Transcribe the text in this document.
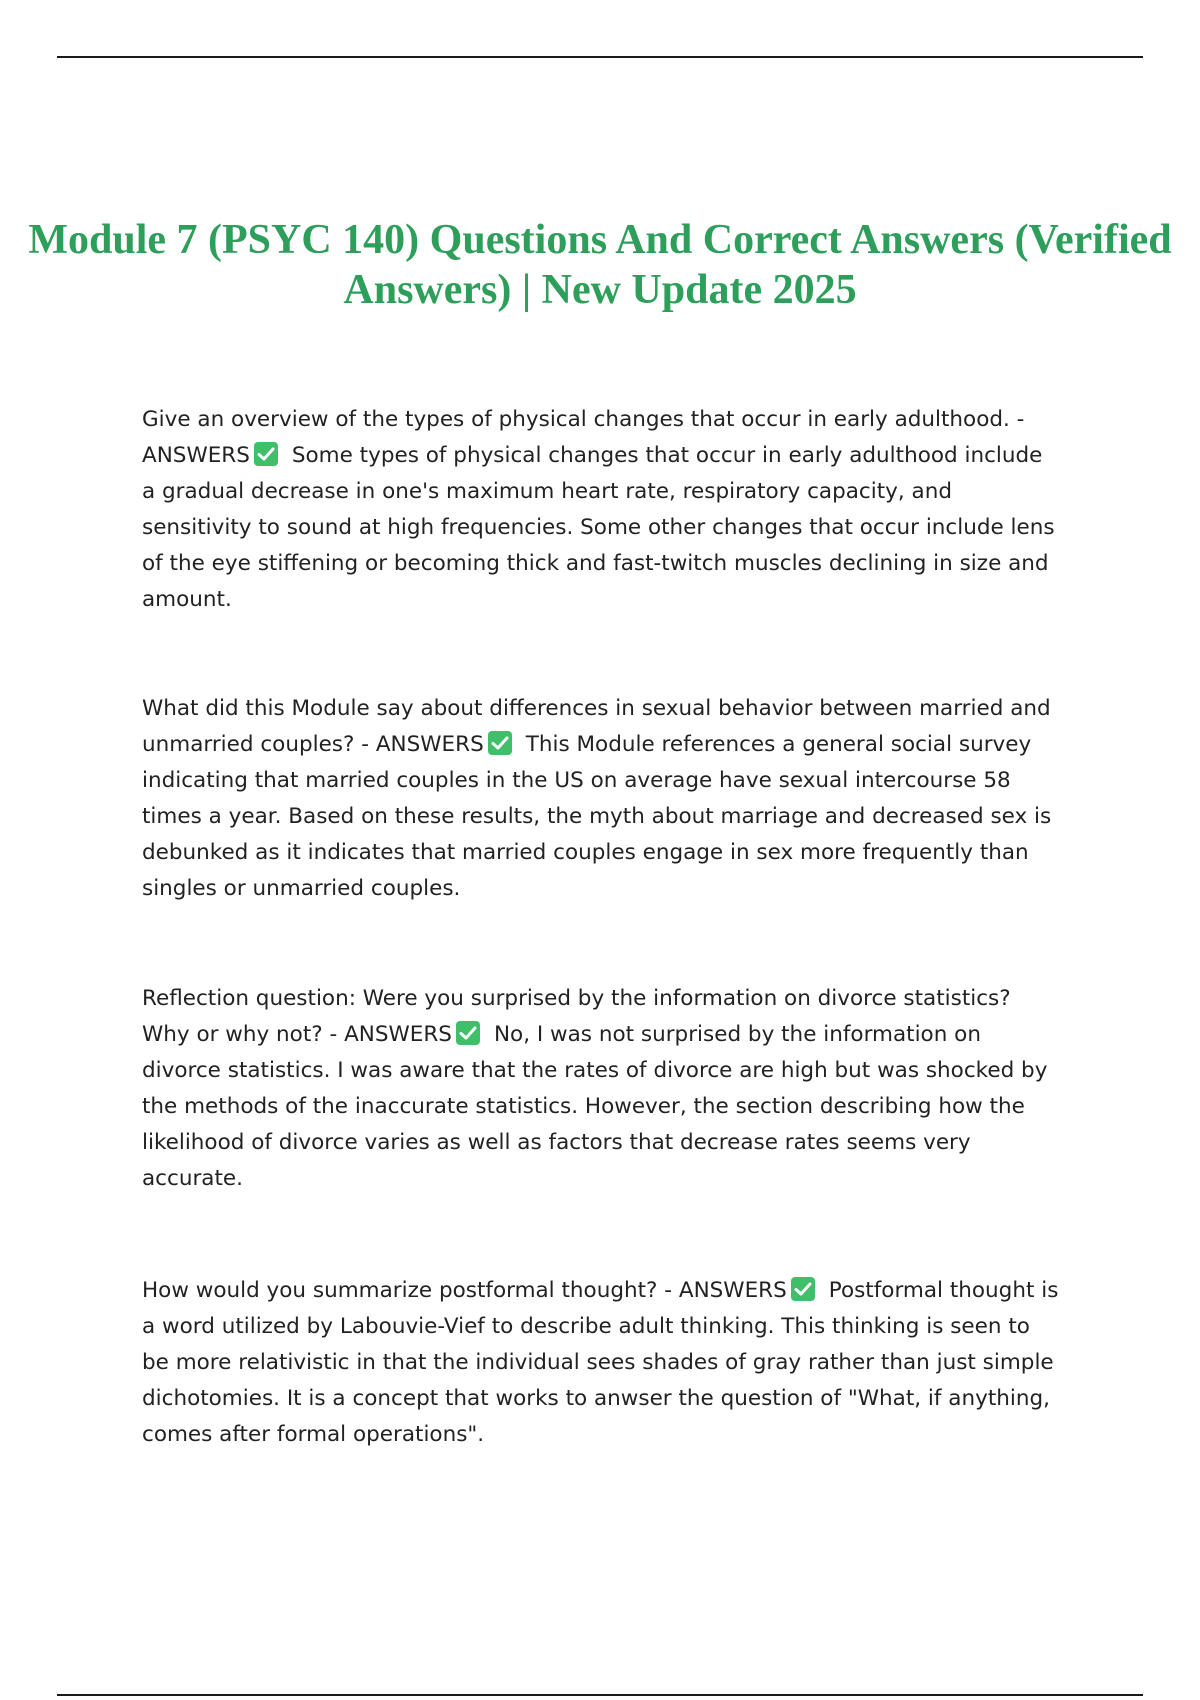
Module 7 (PSYC 140) Questions And Correct Answers (Verified Answers) | New Update 2025

Give an overview of the types of physical changes that occur in early adulthood. - ANSWERS Some types of physical changes that occur in early adulthood include a gradual decrease in one's maximum heart rate, respiratory capacity, and sensitivity to sound at high frequencies. Some other changes that occur include lens of the eye stiffening or becoming thick and fast-twitch muscles declining in size and amount.

What did this Module say about differences in sexual behavior between married and unmarried couples? - ANSWERS This Module references a general social survey indicating that married couples in the US on average have sexual intercourse 58 times a year. Based on these results, the myth about marriage and decreased sex is debunked as it indicates that married couples engage in sex more frequently than singles or unmarried couples.

Reflection question: Were you surprised by the information on divorce statistics? Why or why not? - ANSWERS No, I was not surprised by the information on divorce statistics. I was aware that the rates of divorce are high but was shocked by the methods of the inaccurate statistics. However, the section describing how the likelihood of divorce varies as well as factors that decrease rates seems very accurate.

How would you summarize postformal thought? - ANSWERS Postformal thought is a word utilized by Labouvie-Vief to describe adult thinking. This thinking is seen to be more relativistic in that the individual sees shades of gray rather than just simple dichotomies. It is a concept that works to anwser the question of "What, if anything, comes after formal operations".
